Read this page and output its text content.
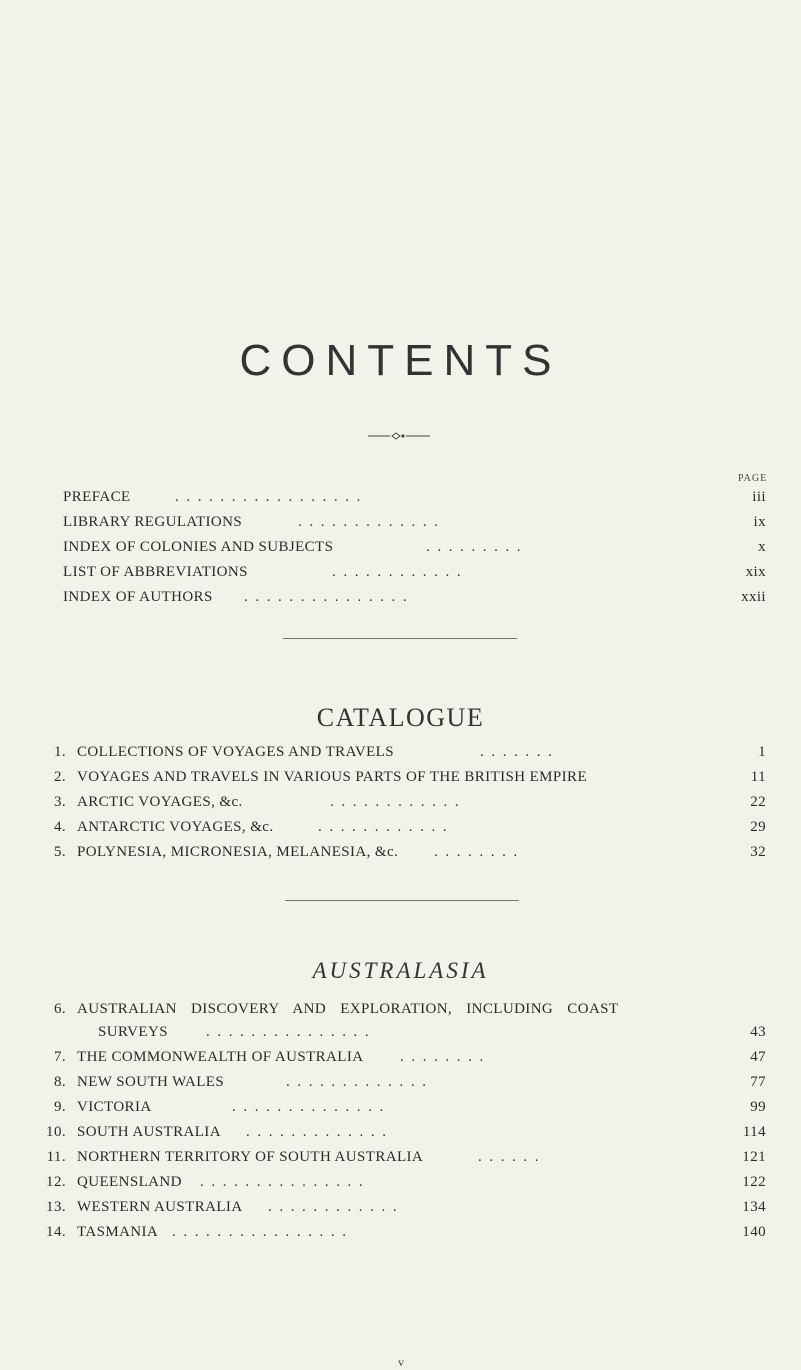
CONTENTS
PAGE
PREFACE	.................	iii
LIBRARY REGULATIONS	.............	ix
INDEX OF COLONIES AND SUBJECTS	.........	x
LIST OF ABBREVIATIONS	............	xix
INDEX OF AUTHORS ...............	xxii
CATALOGUE
1. COLLECTIONS OF VOYAGES AND TRAVELS	.......	1
2. VOYAGES AND TRAVELS IN VARIOUS PARTS OF THE BRITISH EMPIRE	11
3. ARCTIC VOYAGES, &c.	............	22
4. ANTARCTIC VOYAGES, &c.	............	29
5. POLYNESIA, MICRONESIA, MELANESIA, &c. ........	32
AUSTRALASIA
6. AUSTRALIAN DISCOVERY AND EXPLORATION, INCLUDING COAST
SURVEYS	...............	43
7. THE COMMONWEALTH OF AUSTRALIA ........	47
8. NEW SOUTH WALES	.............	77
9. VICTORIA	..............	99
10. SOUTH AUSTRALIA .............	114
11. NORTHERN TERRITORY OF SOUTH AUSTRALIA	......	121
12. QUEENSLAND ...............	122
13. WESTERN AUSTRALIA ............	134
14. TASMANIA ................	140
v
